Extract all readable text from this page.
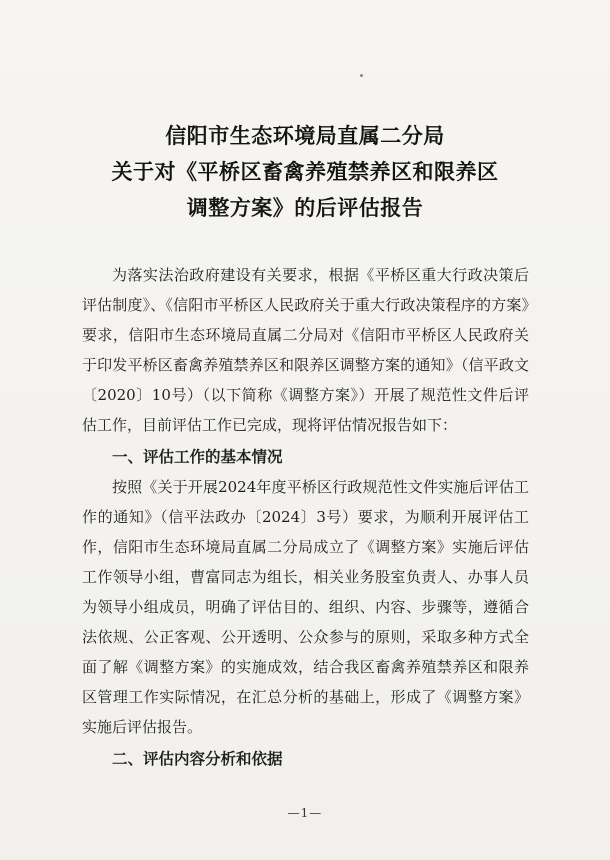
信阳市生态环境局直属二分局
关于对《平桥区畜禽养殖禁养区和限养区
调整方案》的后评估报告
为落实法治政府建设有关要求，根据《平桥区重大行政决策后评估制度》、《信阳市平桥区人民政府关于重大行政决策程序的方案》要求，信阳市生态环境局直属二分局对《信阳市平桥区人民政府关于印发平桥区畜禽养殖禁养区和限养区调整方案的通知》（信平政文〔2020〕10号）（以下简称《调整方案》）开展了规范性文件后评估工作，目前评估工作已完成，现将评估情况报告如下：
一、评估工作的基本情况
按照《关于开展2024年度平桥区行政规范性文件实施后评估工作的通知》（信平法政办〔2024〕3号）要求，为顺利开展评估工作，信阳市生态环境局直属二分局成立了《调整方案》实施后评估工作领导小组，曹富同志为组长，相关业务股室负责人、办事人员为领导小组成员，明确了评估目的、组织、内容、步骤等，遵循合法依规、公正客观、公开透明、公众参与的原则，采取多种方式全面了解《调整方案》的实施成效，结合我区畜禽养殖禁养区和限养区管理工作实际情况，在汇总分析的基础上，形成了《调整方案》实施后评估报告。
二、评估内容分析和依据
—1—
